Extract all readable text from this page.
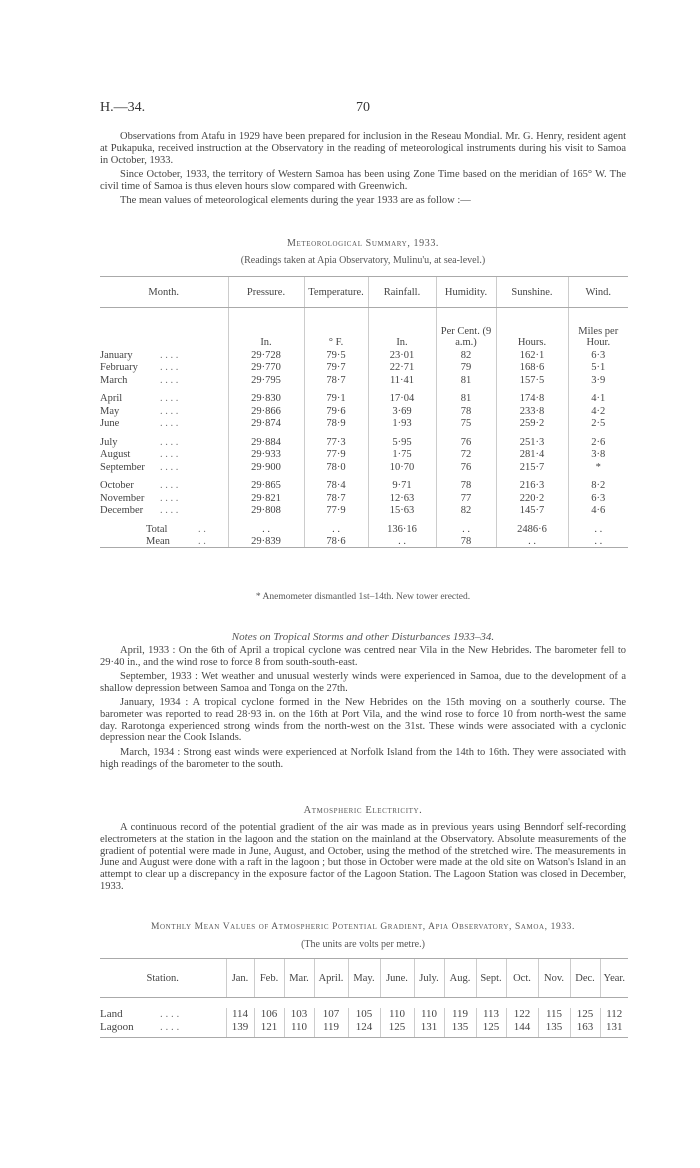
H.—34.	70

Observations from Atafu in 1929 have been prepared for inclusion in the Reseau Mondial. Mr. G. Henry, resident agent at Pukapuka, received instruction at the Observatory in the reading of meteorological instruments during his visit to Samoa in October, 1933.

Since October, 1933, the territory of Western Samoa has been using Zone Time based on the meridian of 165° W. The civil time of Samoa is thus eleven hours slow compared with Greenwich.

The mean values of meteorological elements during the year 1933 are as follow :—

Meteorological Summary, 1933.
(Readings taken at Apia Observatory, Mulinu'u, at sea-level.)
Month.	Pressure.	Temperature.	Rainfall.	Humidity.	Sunshine.	Wind.
	In.	° F.	In.	Per Cent. (9 a.m.)	Hours.	Miles per Hour.
January . . . .	29·728	79·5	23·01	82	162·1	6·3
February . . . .	29·770	79·7	22·71	79	168·6	5·1
March . . . .	29·795	78·7	11·41	81	157·5	3·9

April . . . .	29·830	79·1	17·04	81	174·8	4·1
May . . . .	29·866	79·6	3·69	78	233·8	4·2
June . . . .	29·874	78·9	1·93	75	259·2	2·5

July . . . .	29·884	77·3	5·95	76	251·3	2·6
August . . . .	29·933	77·9	1·75	72	281·4	3·8
September . . . .	29·900	78·0	10·70	76	215·7	*

October . . . .	29·865	78·4	9·71	78	216·3	8·2
November . . . .	29·821	78·7	12·63	77	220·2	6·3
December . . . .	29·808	77·9	15·63	82	145·7	4·6

Total . .	. .	. .	136·16	. .	2486·6	. .
Mean . .	29·839	78·6	. .	78	. .	. .
* Anemometer dismantled 1st–14th. New tower erected.
Notes on Tropical Storms and other Disturbances 1933–34.

April, 1933 : On the 6th of April a tropical cyclone was centred near Vila in the New Hebrides. The barometer fell to 29·40 in., and the wind rose to force 8 from south-south-east.

September, 1933 : Wet weather and unusual westerly winds were experienced in Samoa, due to the development of a shallow depression between Samoa and Tonga on the 27th.

January, 1934 : A tropical cyclone formed in the New Hebrides on the 15th moving on a southerly course. The barometer was reported to read 28·93 in. on the 16th at Port Vila, and the wind rose to force 10 from north-west the same day. Rarotonga experienced strong winds from the north-west on the 31st. These winds were associated with a cyclonic depression near the Cook Islands.

March, 1934 : Strong east winds were experienced at Norfolk Island from the 14th to 16th. They were associated with high readings of the barometer to the south.

Atmospheric Electricity.

A continuous record of the potential gradient of the air was made as in previous years using Benndorf self-recording electrometers at the station in the lagoon and the station on the mainland at the Observatory. Absolute measurements of the gradient of potential were made in June, August, and October, using the method of the stretched wire. The measurements in June and August were done with a raft in the lagoon ; but those in October were made at the old site on Watson's Island in an attempt to clear up a discrepancy in the exposure factor of the Lagoon Station. The Lagoon Station was closed in December, 1933.

Monthly Mean Values of Atmospheric Potential Gradient, Apia Observatory, Samoa, 1933.
(The units are volts per metre.)
Station.	Jan.	Feb.	Mar.	April.	May.	June.	July.	Aug.	Sept.	Oct.	Nov.	Dec.	Year.

Land . . . .	114	106	103	107	105	110	110	119	113	122	115	125	112
Lagoon . . . .	139	121	110	119	124	125	131	135	125	144	135	163	131
